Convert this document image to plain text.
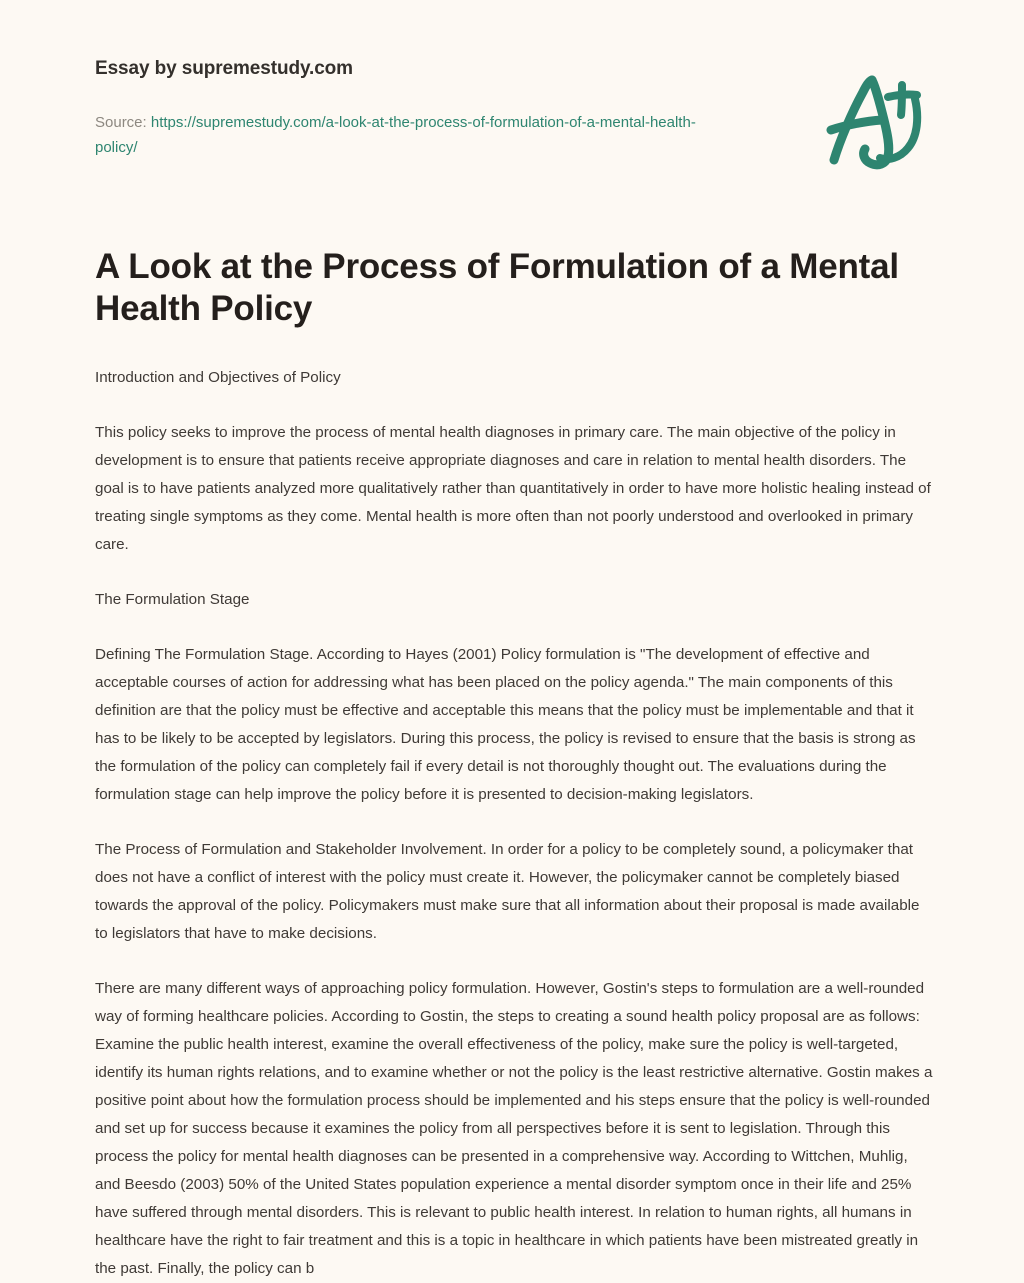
Essay by supremestudy.com
Source: https://supremestudy.com/a-look-at-the-process-of-formulation-of-a-mental-health-policy/
A Look at the Process of Formulation of a Mental Health Policy

Introduction and Objectives of Policy

This policy seeks to improve the process of mental health diagnoses in primary care. The main objective of the policy in development is to ensure that patients receive appropriate diagnoses and care in relation to mental health disorders. The goal is to have patients analyzed more qualitatively rather than quantitatively in order to have more holistic healing instead of treating single symptoms as they come. Mental health is more often than not poorly understood and overlooked in primary care.

The Formulation Stage

Defining The Formulation Stage. According to Hayes (2001) Policy formulation is "The development of effective and acceptable courses of action for addressing what has been placed on the policy agenda." The main components of this definition are that the policy must be effective and acceptable this means that the policy must be implementable and that it has to be likely to be accepted by legislators. During this process, the policy is revised to ensure that the basis is strong as the formulation of the policy can completely fail if every detail is not thoroughly thought out. The evaluations during the formulation stage can help improve the policy before it is presented to decision-making legislators.

The Process of Formulation and Stakeholder Involvement. In order for a policy to be completely sound, a policymaker that does not have a conflict of interest with the policy must create it. However, the policymaker cannot be completely biased towards the approval of the policy. Policymakers must make sure that all information about their proposal is made available to legislators that have to make decisions.

There are many different ways of approaching policy formulation. However, Gostin's steps to formulation are a well-rounded way of forming healthcare policies. According to Gostin, the steps to creating a sound health policy proposal are as follows: Examine the public health interest, examine the overall effectiveness of the policy, make sure the policy is well-targeted, identify its human rights relations, and to examine whether or not the policy is the least restrictive alternative. Gostin makes a positive point about how the formulation process should be implemented and his steps ensure that the policy is well-rounded and set up for success because it examines the policy from all perspectives before it is sent to legislation. Through this process the policy for mental health diagnoses can be presented in a comprehensive way. According to Wittchen, Muhlig, and Beesdo (2003) 50% of the United States population experience a mental disorder symptom once in their life and 25% have suffered through mental disorders. This is relevant to public health interest. In relation to human rights, all humans in healthcare have the right to fair treatment and this is a topic in healthcare in which patients have been mistreated greatly in the past. Finally, the policy can b
